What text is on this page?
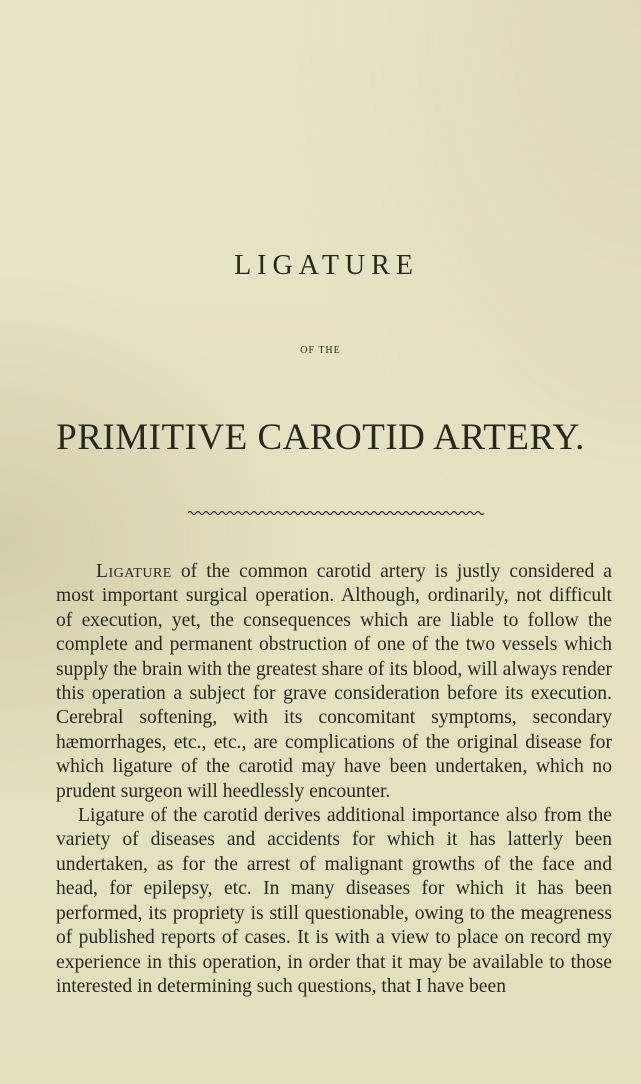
LIGATURE
OF THE
PRIMITIVE CAROTID ARTERY.

Ligature of the common carotid artery is justly considered a most important surgical operation. Although, ordinarily, not difficult of execution, yet, the consequences which are liable to follow the complete and permanent obstruction of one of the two vessels which supply the brain with the greatest share of its blood, will always render this operation a subject for grave consideration before its execution. Cerebral softening, with its concomitant symptoms, secondary hæmorrhages, etc., etc., are complications of the original disease for which ligature of the carotid may have been undertaken, which no prudent surgeon will heedlessly encounter.

Ligature of the carotid derives additional importance also from the variety of diseases and accidents for which it has latterly been undertaken, as for the arrest of malignant growths of the face and head, for epilepsy, etc. In many diseases for which it has been performed, its propriety is still questionable, owing to the meagreness of published reports of cases. It is with a view to place on record my experience in this operation, in order that it may be available to those interested in determining such questions, that I have been
